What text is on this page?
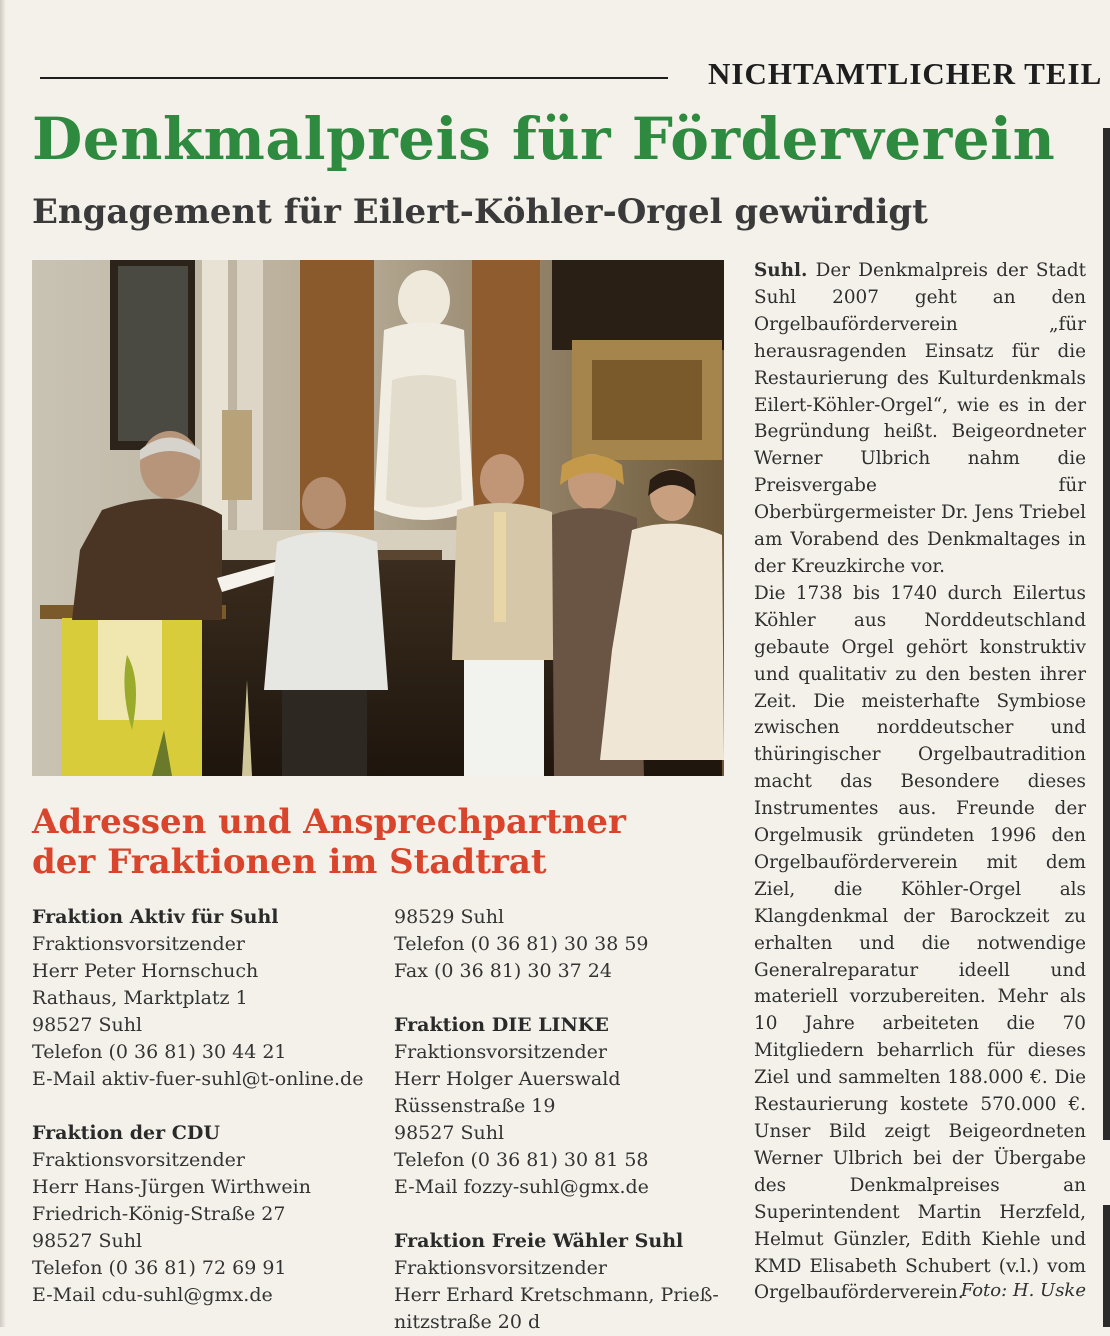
NICHTAMTLICHER TEIL
Denkmalpreis für Förderverein
Engagement für Eilert-Köhler-Orgel gewürdigt

Suhl. Der Denkmalpreis der Stadt Suhl 2007 geht an den Orgelbauförderverein „für herausragenden Einsatz für die Restaurierung des Kulturdenkmals Eilert-Köhler-Orgel“, wie es in der Begründung heißt. Beigeordneter Werner Ulbrich nahm die Preisvergabe für Oberbürgermeister Dr. Jens Triebel am Vorabend des Denkmaltages in der Kreuzkirche vor.

Die 1738 bis 1740 durch Eilertus Köhler aus Norddeutschland gebaute Orgel gehört konstruktiv und qualitativ zu den besten ihrer Zeit. Die meisterhafte Symbiose zwischen norddeutscher und thüringischer Orgelbautradition macht das Besondere dieses Instrumentes aus. Freunde der Orgelmusik gründeten 1996 den Orgelbauförderverein mit dem Ziel, die Köhler-Orgel als Klangdenkmal der Barockzeit zu erhalten und die notwendige Generalreparatur ideell und materiell vorzubereiten. Mehr als 10 Jahre arbeiteten die 70 Mitgliedern beharrlich für dieses Ziel und sammelten 188.000 €. Die Restaurierung kostete 570.000 €. Unser Bild zeigt Beigeordneten Werner Ulbrich bei der Übergabe des Denkmalpreises an Superintendent Martin Herzfeld, Helmut Günzler, Edith Kiehle und KMD Elisabeth Schubert (v.l.) vom Orgelbauförderverein.

Foto: H. Uske
Adressen und Ansprechpartner
der Fraktionen im Stadtrat
Fraktion Aktiv für Suhl
Fraktionsvorsitzender
Herr Peter Hornschuch
Rathaus, Marktplatz 1
98527 Suhl
Telefon (0 36 81) 30 44 21
E-Mail aktiv-fuer-suhl@t-online.de
Fraktion der CDU
Fraktionsvorsitzender
Herr Hans-Jürgen Wirthwein
Friedrich-König-Straße 27
98527 Suhl
Telefon (0 36 81) 72 69 91
E-Mail cdu-suhl@gmx.de
98529 Suhl
Telefon (0 36 81) 30 38 59
Fax (0 36 81) 30 37 24
Fraktion DIE LINKE
Fraktionsvorsitzender
Herr Holger Auerswald
Rüssenstraße 19
98527 Suhl
Telefon (0 36 81) 30 81 58
E-Mail fozzy-suhl@gmx.de
Fraktion Freie Wähler Suhl
Fraktionsvorsitzender
Herr Erhard Kretschmann, Prieß-
nitzstraße 20 d
